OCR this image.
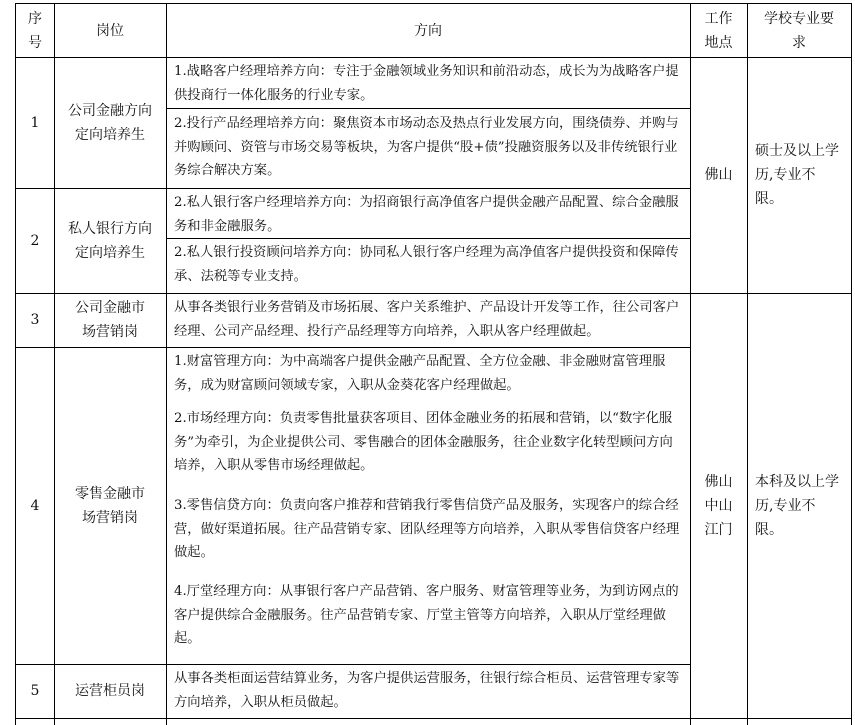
序号
岗位	方向
工作地点
学校专业要求
1
公司金融方向定向培养生
1.战略客户经理培养方向：专注于金融领域业务知识和前沿动态，成长为为战略客户提供投商行一体化服务的行业专家。
2.投行产品经理培养方向：聚焦资本市场动态及热点行业发展方向，围绕债券、并购与并购顾问、资管与市场交易等板块，为客户提供“股+债”投融资服务以及非传统银行业务综合解决方案。
2
私人银行方向定向培养生
2.私人银行客户经理培养方向：为招商银行高净值客户提供金融产品配置、综合金融服务和非金融服务。
2.私人银行投资顾问培养方向：协同私人银行客户经理为高净值客户提供投资和保障传承、法税等专业支持。
3
公司金融市场营销岗
从事各类银行业务营销及市场拓展、客户关系维护、产品设计开发等工作，往公司客户经理、公司产品经理、投行产品经理等方向培养，入职从客户经理做起。
4
零售金融市场营销岗
1.财富管理方向：为中高端客户提供金融产品配置、全方位金融、非金融财富管理服务，成为财富顾问领域专家，入职从金葵花客户经理做起。
2.市场经理方向：负责零售批量获客项目、团体金融业务的拓展和营销，以“数字化服务”为牵引，为企业提供公司、零售融合的团体金融服务，往企业数字化转型顾问方向培养，入职从零售市场经理做起。
3.零售信贷方向：负责向客户推荐和营销我行零售信贷产品及服务，实现客户的综合经营，做好渠道拓展。往产品营销专家、团队经理等方向培养，入职从零售信贷客户经理做起。
4.厅堂经理方向：从事银行客户产品营销、客户服务、财富管理等业务，为到访网点的客户提供综合金融服务。往产品营销专家、厅堂主管等方向培养，入职从厅堂经理做起。
5	运营柜员岗
从事各类柜面运营结算业务，为客户提供运营服务，往银行综合柜员、运营管理专家等方向培养，入职从柜员做起。
佛山
硕士及以上学历,专业不限。
佛山
中山
江门
本科及以上学历,专业不限。
